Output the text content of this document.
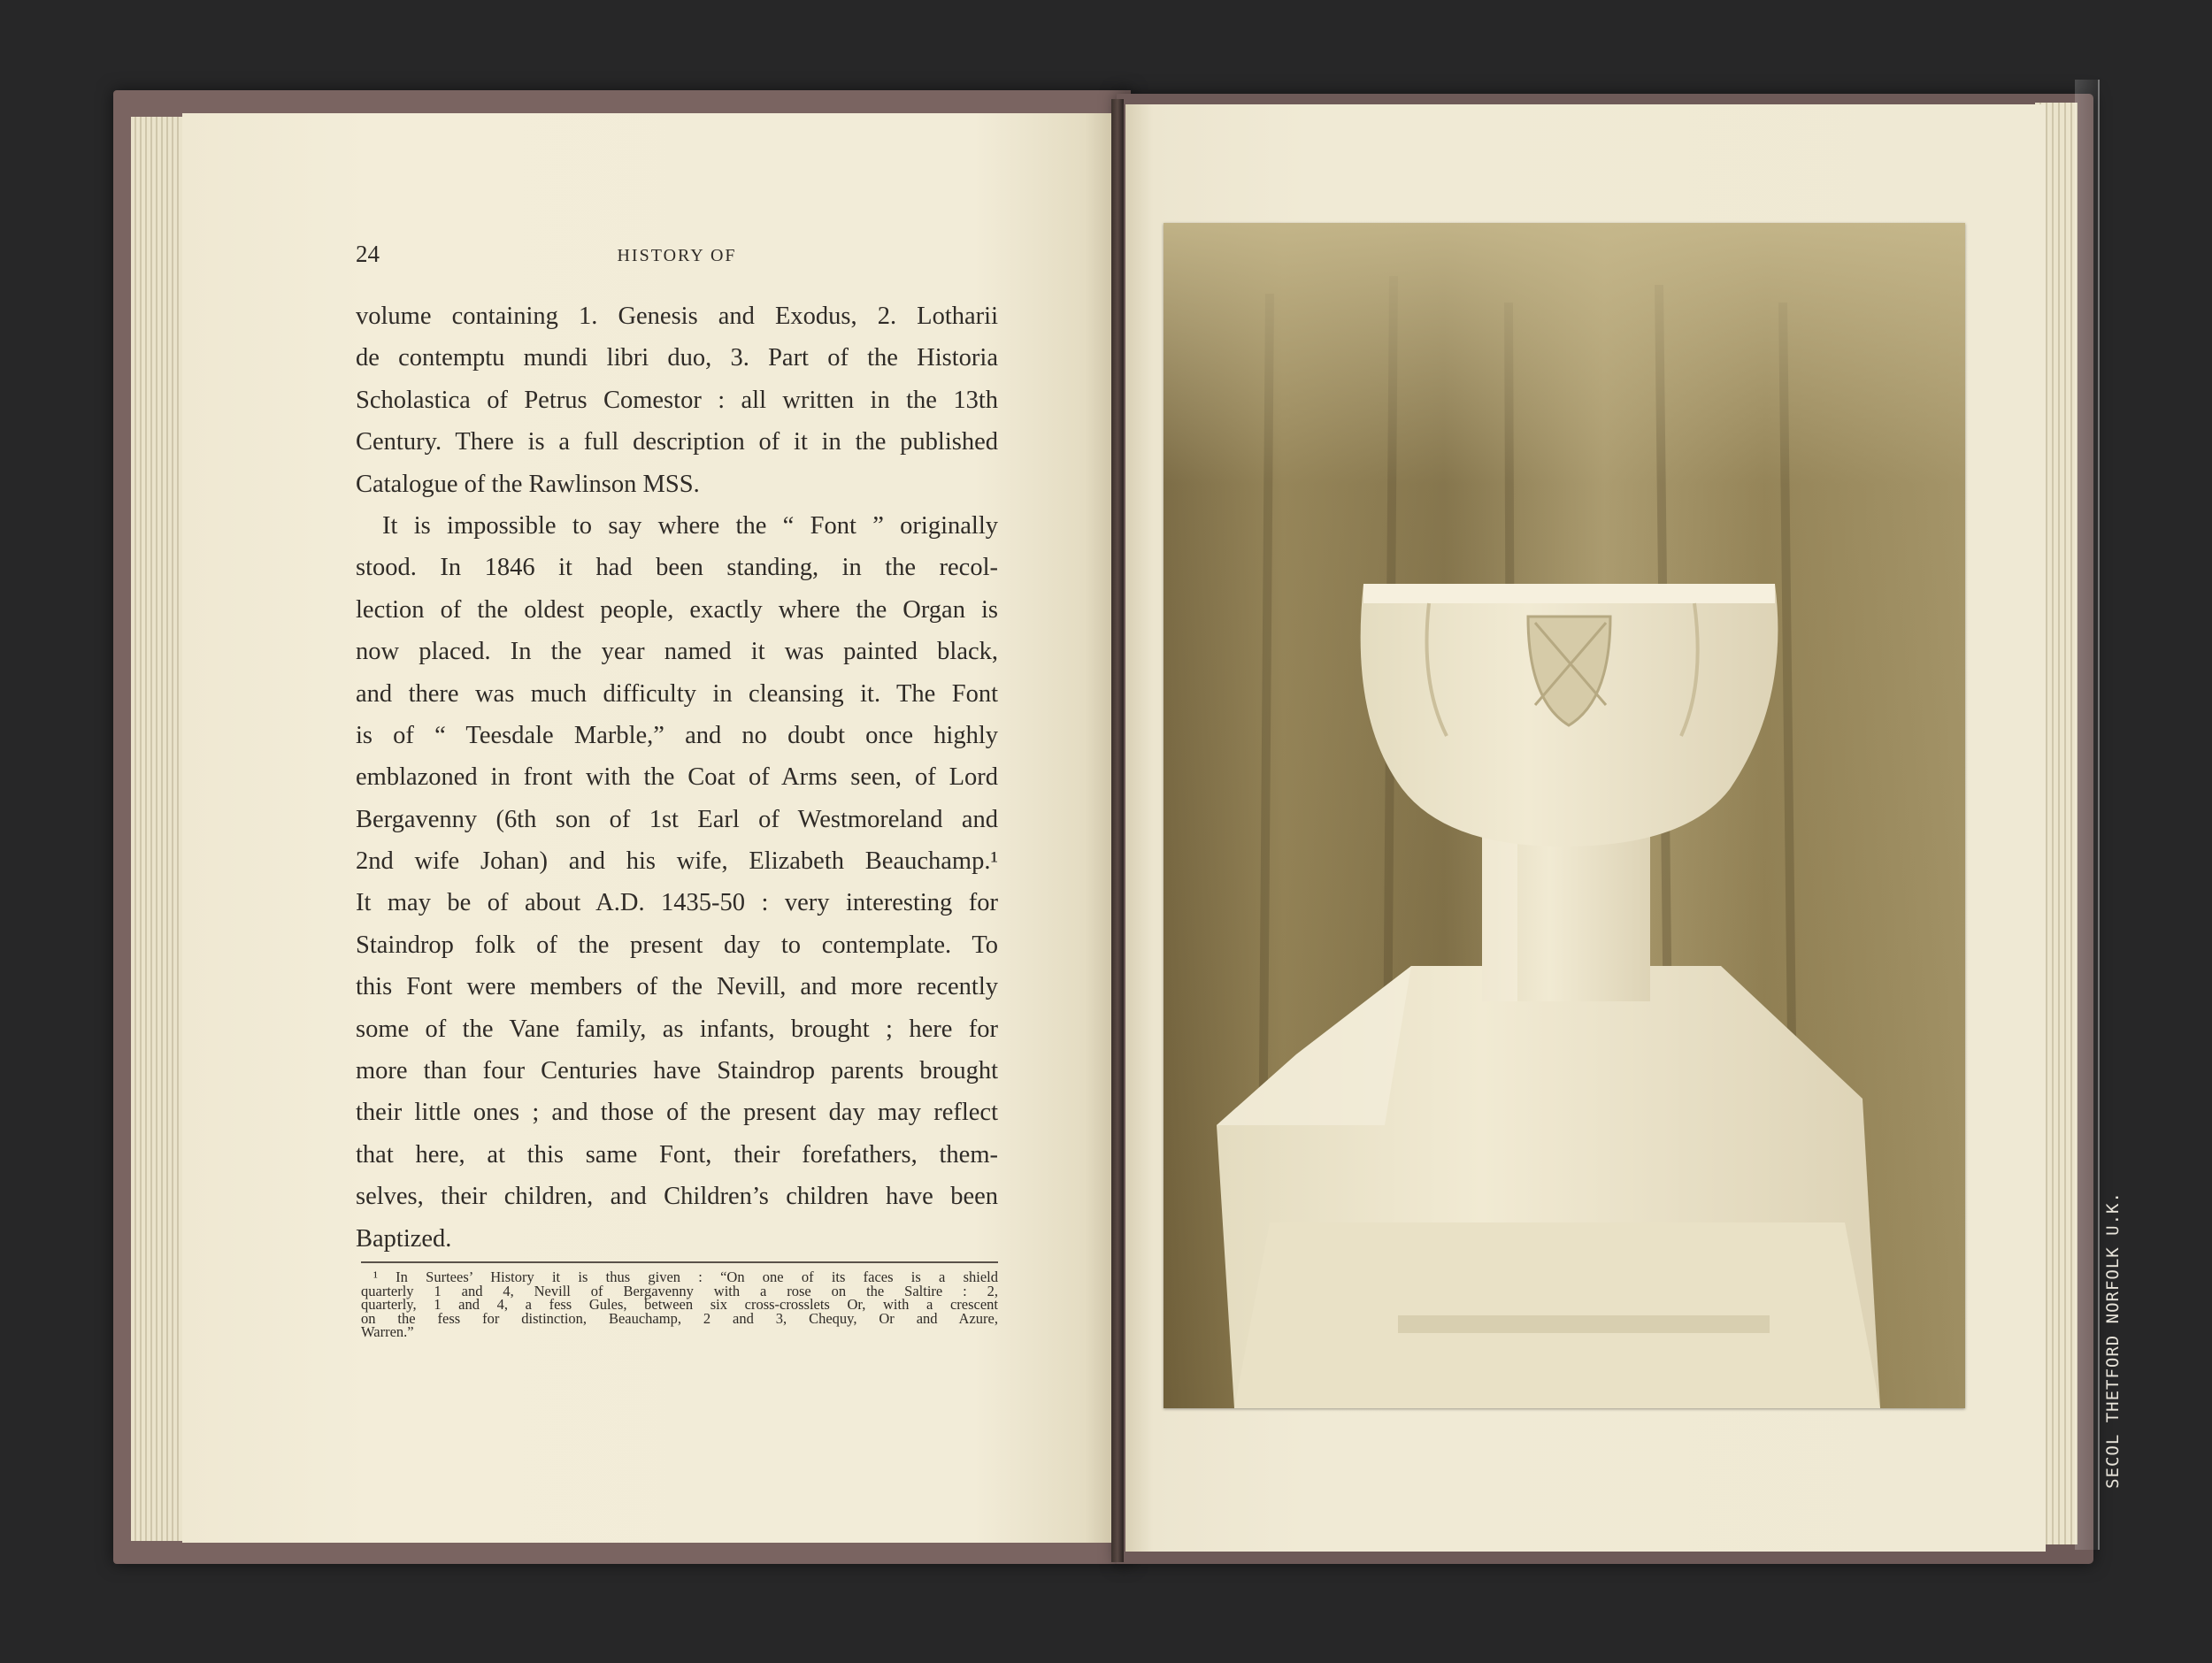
24	HISTORY OF
volume containing 1. Genesis and Exodus, 2. Lotharii
de contemptu mundi libri duo, 3. Part of the Historia
Scholastica of Petrus Comestor : all written in the 13th
Century. There is a full description of it in the published
Catalogue of the Rawlinson MSS.
It is impossible to say where the “ Font ” originally
stood. In 1846 it had been standing, in the recol-
lection of the oldest people, exactly where the Organ is
now placed. In the year named it was painted black,
and there was much difficulty in cleansing it. The Font
is of “ Teesdale Marble,” and no doubt once highly
emblazoned in front with the Coat of Arms seen, of Lord
Bergavenny (6th son of 1st Earl of Westmoreland and
2nd wife Johan) and his wife, Elizabeth Beauchamp.¹
It may be of about A.D. 1435-50 : very interesting for
Staindrop folk of the present day to contemplate. To
this Font were members of the Nevill, and more recently
some of the Vane family, as infants, brought ; here for
more than four Centuries have Staindrop parents brought
their little ones ; and those of the present day may reflect
that here, at this same Font, their forefathers, them-
selves, their children, and Children’s children have been
Baptized.
¹ In Surtees’ History it is thus given : “On one of its faces is a shield
quarterly 1 and 4, Nevill of Bergavenny with a rose on the Saltire : 2,
quarterly, 1 and 4, a fess Gules, between six cross-crosslets Or, with a crescent
on the fess for distinction, Beauchamp, 2 and 3, Chequy, Or and Azure,
Warren.”	SECOL THETFORD NORFOLK U.K.
